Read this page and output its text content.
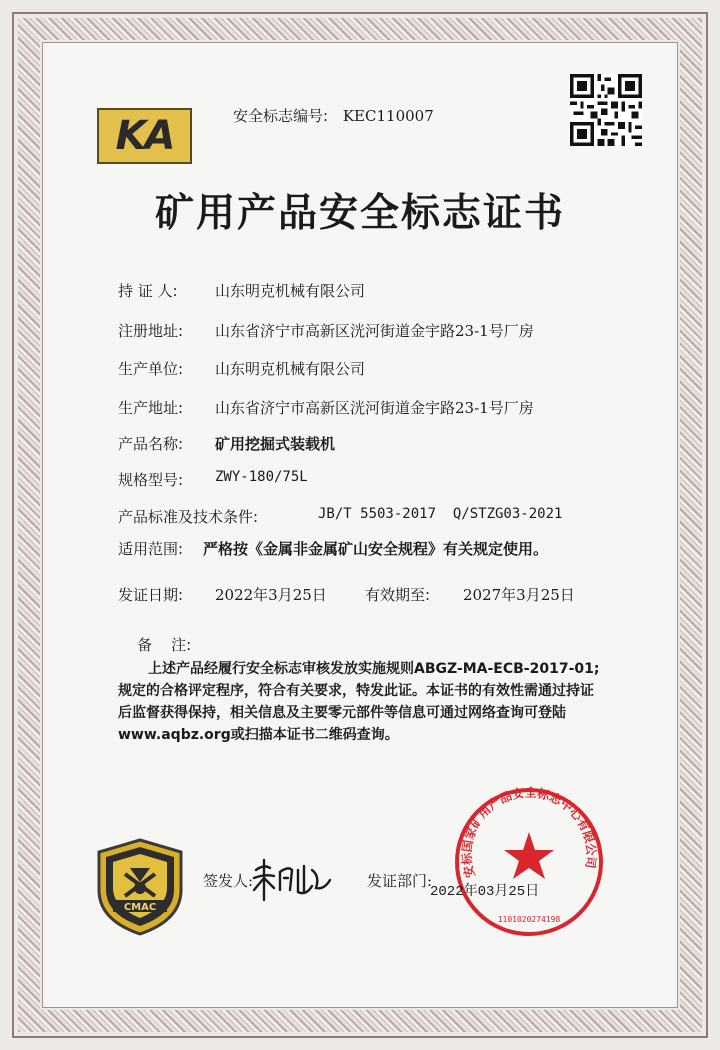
KA	安全标志编号: KEC110007
矿用产品安全标志证书
持 证 人: 山东明克机械有限公司
注册地址: 山东省济宁市高新区洸河街道金宇路23-1号厂房
生产单位: 山东明克机械有限公司
生产地址: 山东省济宁市高新区洸河街道金宇路23-1号厂房
产品名称: 矿用挖掘式装载机
规格型号: ZWY-180/75L
产品标准及技术条件:	JB/T 5503-2017  Q/STZG03-2021
适用范围: 严格按《金属非金属矿山安全规程》有关规定使用。
发证日期: 2022年3月25日	有效期至: 2027年3月25日

备    注:

上述产品经履行安全标志审核发放实施规则ABGZ-MA-ECB-2017-01;规定的合格评定程序，符合有关要求，特发此证。本证书的有效性需通过持证后监督获得保持，相关信息及主要零元部件等信息可通过网络查询可登陆www.aqbz.org或扫描本证书二维码查询。

CMAC
签发人:	发证部门:
安标国家矿用产品安全标志中心有限公司
1101020274198
2022年03月25日
